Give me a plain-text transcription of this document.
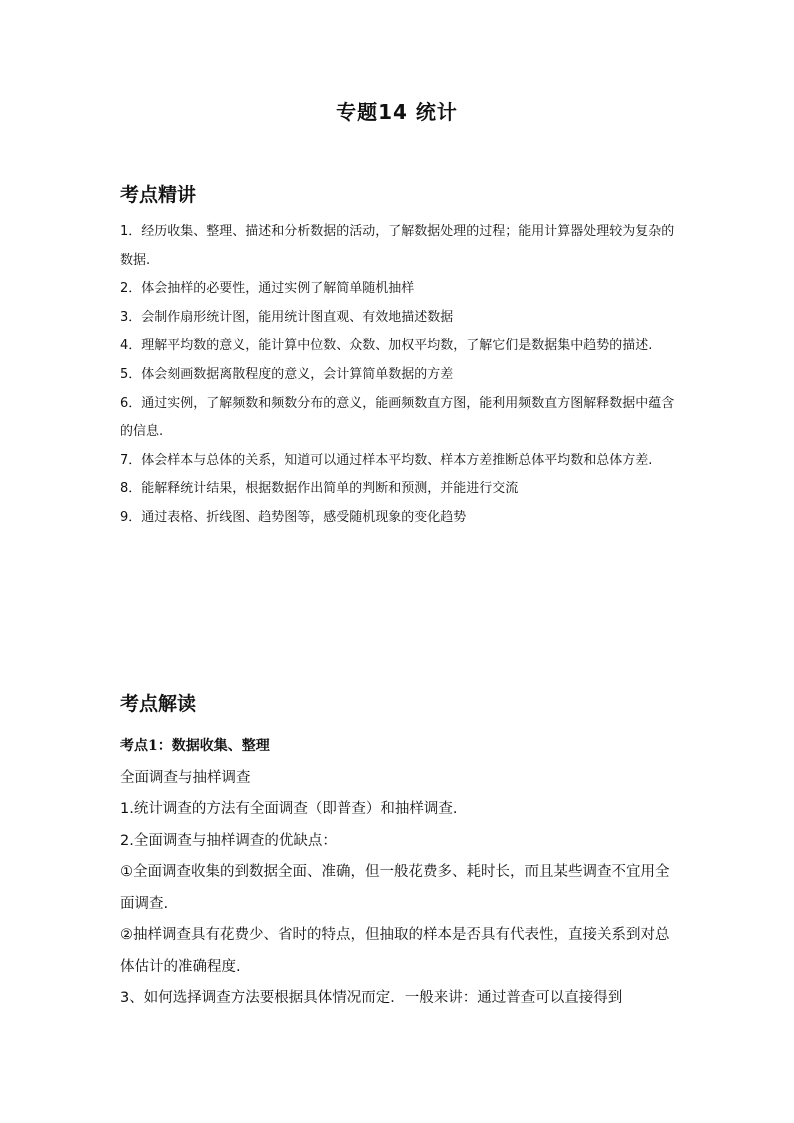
专题14 统计
考点精讲
1．经历收集、整理、描述和分析数据的活动，了解数据处理的过程；能用计算器处理较为复杂的数据.
2．体会抽样的必要性，通过实例了解简单随机抽样
3．会制作扇形统计图，能用统计图直观、有效地描述数据
4．理解平均数的意义，能计算中位数、众数、加权平均数，了解它们是数据集中趋势的描述.
5．体会刻画数据离散程度的意义，会计算简单数据的方差
6．通过实例，了解频数和频数分布的意义，能画频数直方图，能利用频数直方图解释数据中蕴含的信息.
7．体会样本与总体的关系，知道可以通过样本平均数、样本方差推断总体平均数和总体方差.
8．能解释统计结果，根据数据作出简单的判断和预测，并能进行交流
9．通过表格、折线图、趋势图等，感受随机现象的变化趋势
考点解读

考点1：数据收集、整理

全面调查与抽样调查

1.统计调查的方法有全面调查（即普查）和抽样调查.

2.全面调查与抽样调查的优缺点：

①全面调查收集的到数据全面、准确，但一般花费多、耗时长，而且某些调查不宜用全面调查.

②抽样调查具有花费少、省时的特点，但抽取的样本是否具有代表性，直接关系到对总体估计的准确程度.

3、如何选择调查方法要根据具体情况而定．一般来讲：通过普查可以直接得到
